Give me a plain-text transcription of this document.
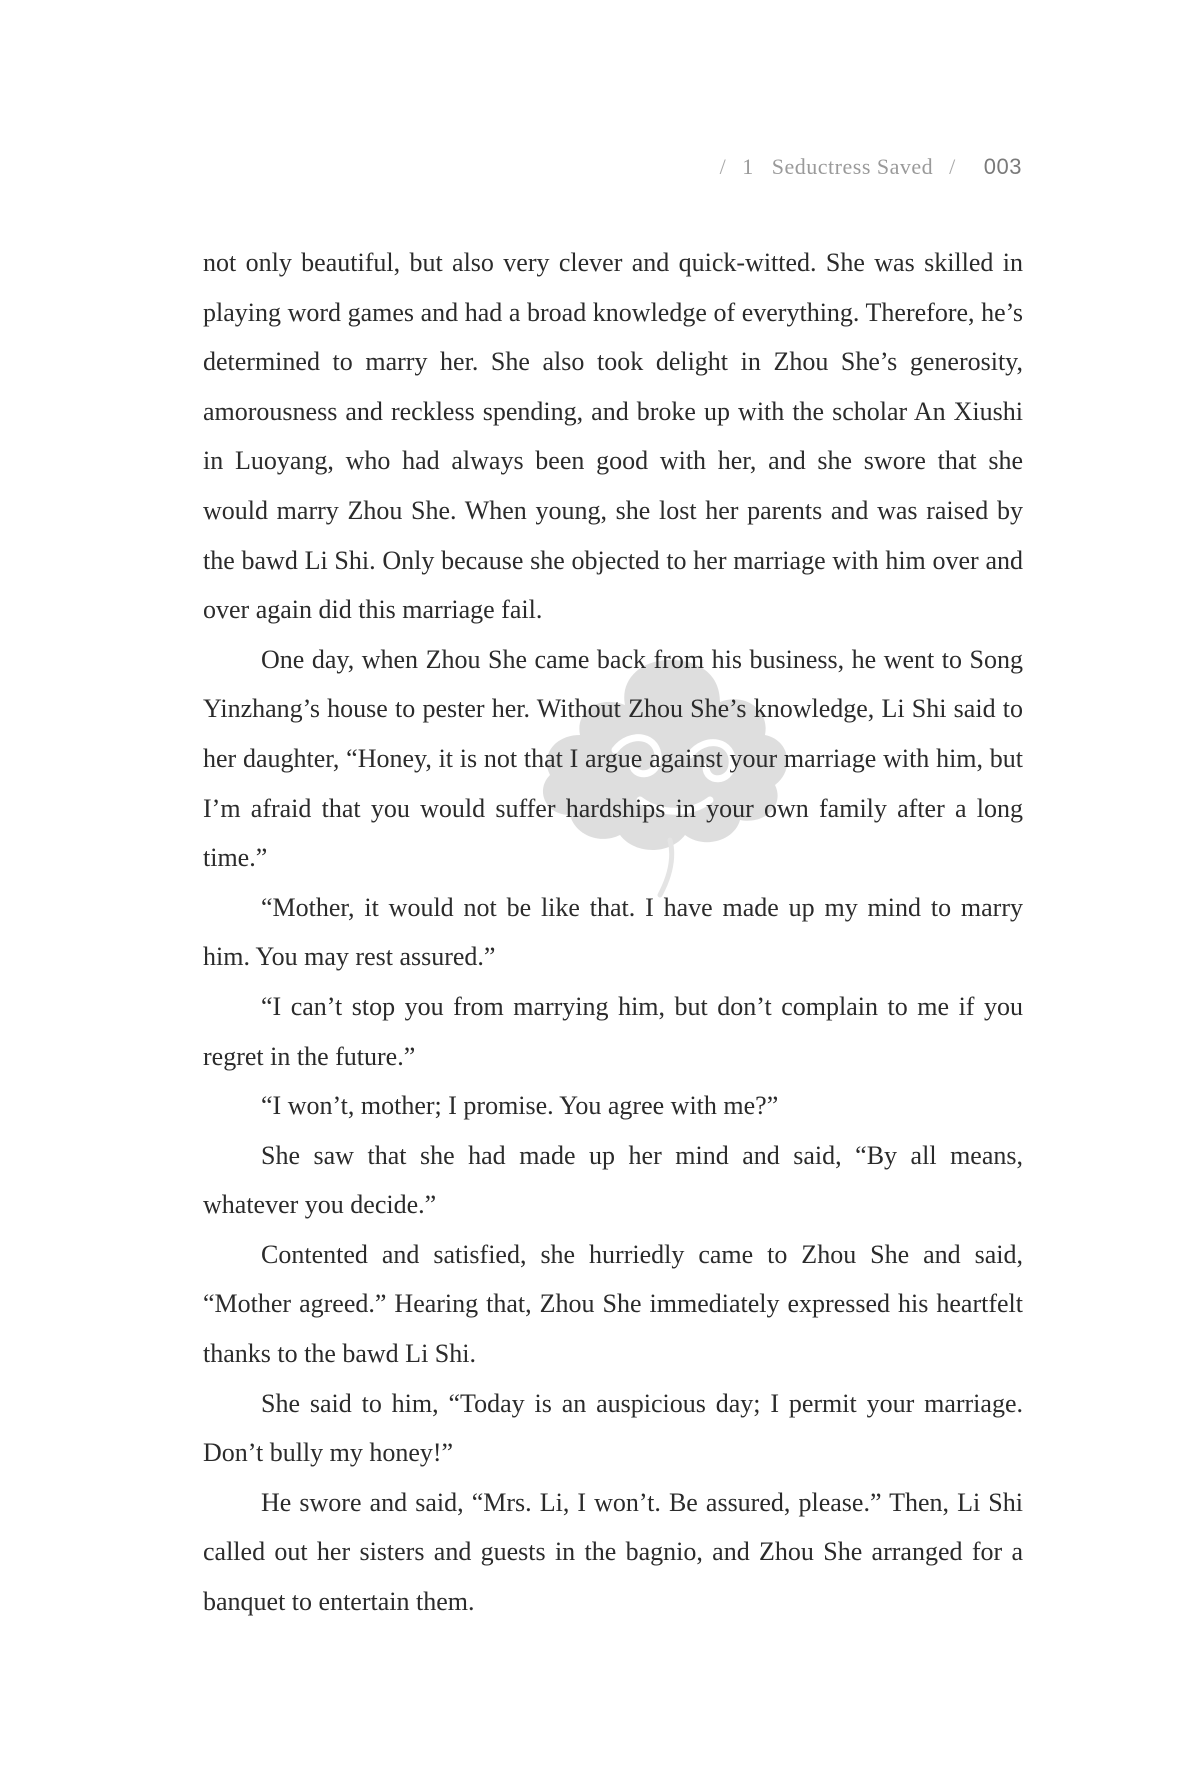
/ 1 Seductress Saved / 003

not only beautiful, but also very clever and quick-witted. She was skilled in playing word games and had a broad knowledge of everything. Therefore, he’s determined to marry her. She also took delight in Zhou She’s generosity, amorousness and reckless spending, and broke up with the scholar An Xiushi in Luoyang, who had always been good with her, and she swore that she would marry Zhou She. When young, she lost her parents and was raised by the bawd Li Shi. Only because she objected to her marriage with him over and over again did this marriage fail.

One day, when Zhou She came back from his business, he went to Song Yinzhang’s house to pester her. Without Zhou She’s knowledge, Li Shi said to her daughter, “Honey, it is not that I argue against your marriage with him, but I’m afraid that you would suffer hardships in your own family after a long time.”

“Mother, it would not be like that. I have made up my mind to marry him. You may rest assured.”

“I can’t stop you from marrying him, but don’t complain to me if you regret in the future.”

“I won’t, mother; I promise. You agree with me?”

She saw that she had made up her mind and said, “By all means, whatever you decide.”

Contented and satisfied, she hurriedly came to Zhou She and said, “Mother agreed.” Hearing that, Zhou She immediately expressed his heartfelt thanks to the bawd Li Shi.

She said to him, “Today is an auspicious day; I permit your marriage. Don’t bully my honey!”

He swore and said, “Mrs. Li, I won’t. Be assured, please.” Then, Li Shi called out her sisters and guests in the bagnio, and Zhou She arranged for a banquet to entertain them.
